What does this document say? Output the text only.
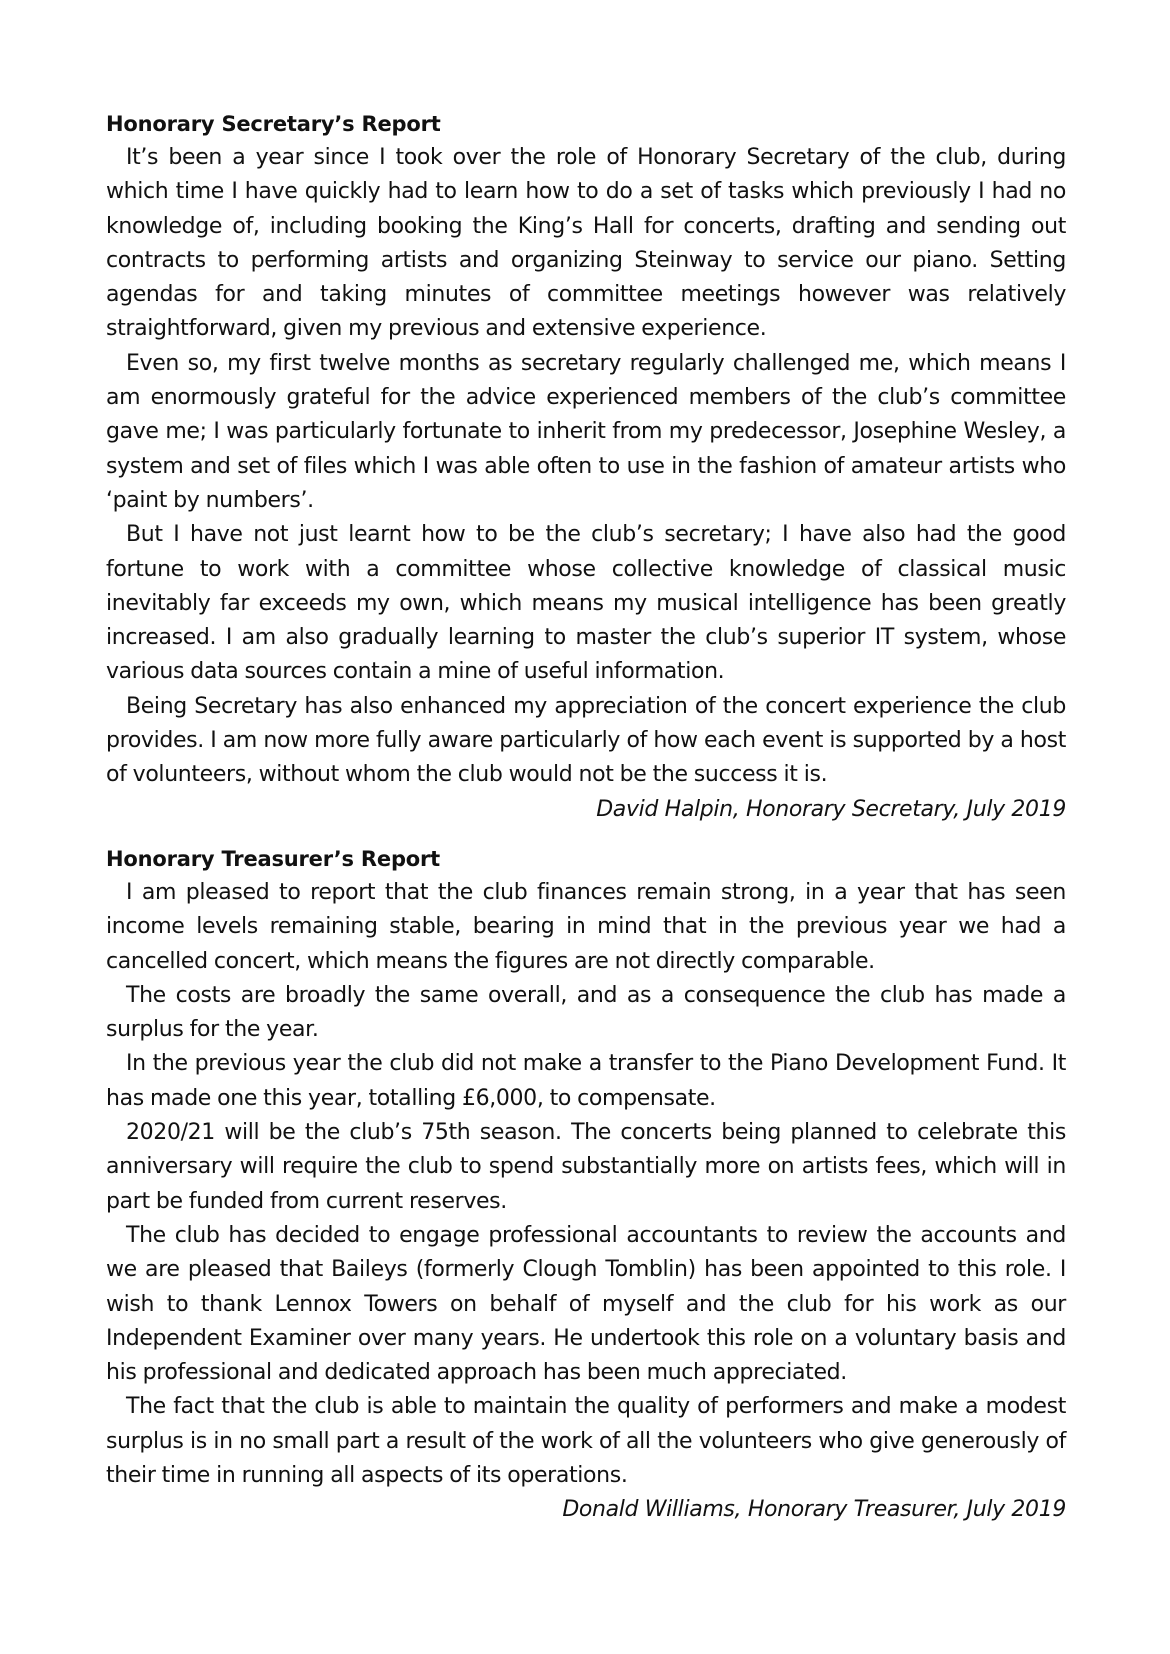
Honorary Secretary’s Report

It’s been a year since I took over the role of Honorary Secretary of the club, during which time I have quickly had to learn how to do a set of tasks which previously I had no knowledge of, including booking the King’s Hall for concerts, drafting and sending out contracts to performing artists and organizing Steinway to service our piano. Setting agendas for and taking minutes of committee meetings however was relatively straightforward, given my previous and extensive experience.

Even so, my first twelve months as secretary regularly challenged me, which means I am enormously grateful for the advice experienced members of the club’s committee gave me; I was particularly fortunate to inherit from my predecessor, Josephine Wesley, a system and set of files which I was able often to use in the fashion of amateur artists who ‘paint by numbers’.

But I have not just learnt how to be the club’s secretary; I have also had the good fortune to work with a committee whose collective knowledge of classical music inevitably far exceeds my own, which means my musical intelligence has been greatly increased. I am also gradually learning to master the club’s superior IT system, whose various data sources contain a mine of useful information.

Being Secretary has also enhanced my appreciation of the concert experience the club provides. I am now more fully aware particularly of how each event is supported by a host of volunteers, without whom the club would not be the success it is.

David Halpin, Honorary Secretary, July 2019

Honorary Treasurer’s Report

I am pleased to report that the club finances remain strong, in a year that has seen income levels remaining stable, bearing in mind that in the previous year we had a cancelled concert, which means the figures are not directly comparable.

The costs are broadly the same overall, and as a consequence the club has made a surplus for the year.

In the previous year the club did not make a transfer to the Piano Development Fund. It has made one this year, totalling £6,000, to compensate.

2020/21 will be the club’s 75th season. The concerts being planned to celebrate this anniversary will require the club to spend substantially more on artists fees, which will in part be funded from current reserves.

The club has decided to engage professional accountants to review the accounts and we are pleased that Baileys (formerly Clough Tomblin) has been appointed to this role. I wish to thank Lennox Towers on behalf of myself and the club for his work as our Independent Examiner over many years. He undertook this role on a voluntary basis and his professional and dedicated approach has been much appreciated.

The fact that the club is able to maintain the quality of performers and make a modest surplus is in no small part a result of the work of all the volunteers who give generously of their time in running all aspects of its operations.

Donald Williams, Honorary Treasurer, July 2019
